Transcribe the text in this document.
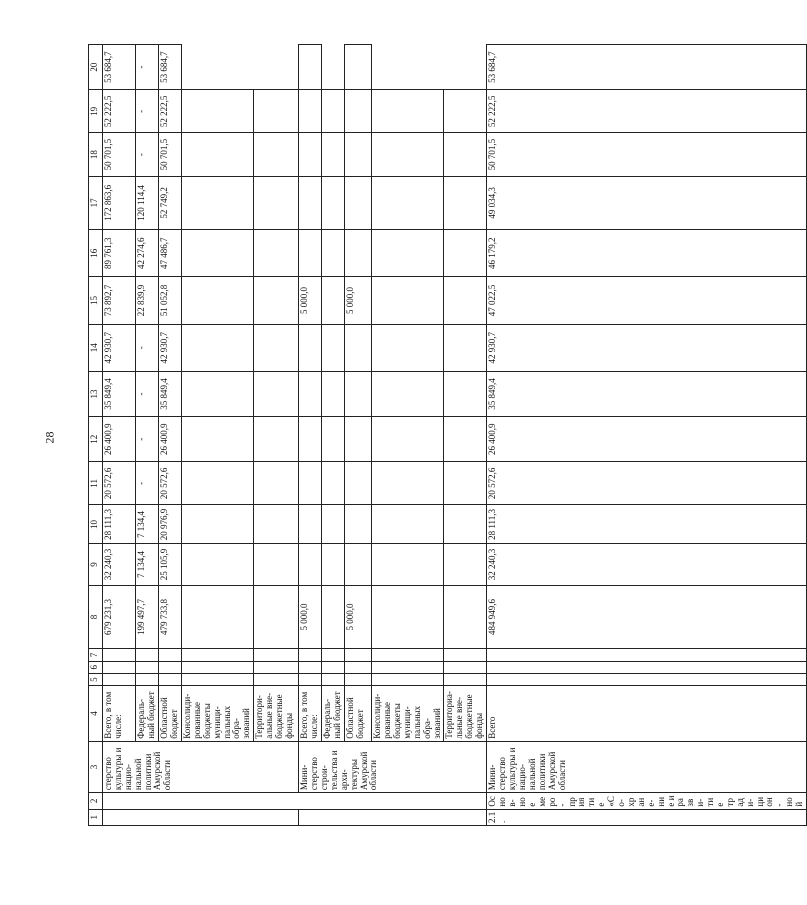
28
1	2	3	4	5	6	7	8	9	10	11	12	13	14	15	16	17	18	19	20
		стерство культуры и нацио- нальной политики Амурской области	Всего, в том числе:				679 231,3	32 240,3	28 111,3	20 572,6	26 400,9	35 849,4	42 930,7	73 892,7	89 761,3	172 863,6	50 701,5	52 222,5	53 684,7
			Федераль- ный бюджет				199 497,7	7 134,4	7 134,4	-	-	-	-	22 839,9	42 274,6	120 114,4	-	-	-
			Областной бюджет				479 733,8	25 105,9	20 976,9	20 572,6	26 400,9	35 849,4	42 930,7	51 052,8	47 486,7	52 749,2	50 701,5	52 222,5	53 684,7
			Консолиди- рованные бюджеты муници- пальных обра- зований																
			Территори- альные вне- бюджетные фонды																
		Мини- стерство строи- тельства и архи- тектуры Амурской области	Всего, в том числе:				5 000,0							5 000,0					
			Федераль- ный бюджет																
			Областной бюджет				5 000,0							5 000,0					
			Консолиди- рованные бюджеты муници- пальных обра- зований																
			Территориа- льные вне- бюджетные фонды																
2.1.	Основ- ное меро- приятие «Со- хране- ние и разви- тие тради- цион- ной	Мини- стерство культуры и нацио- нальной политики Амурской области	Всего				484 949,6	32 240,3	28 111,3	20 572,6	26 400,9	35 849,4	42 930,7	47 022,5	46 179,2	49 034,3	50 701,5	52 222,5	53 684,7
